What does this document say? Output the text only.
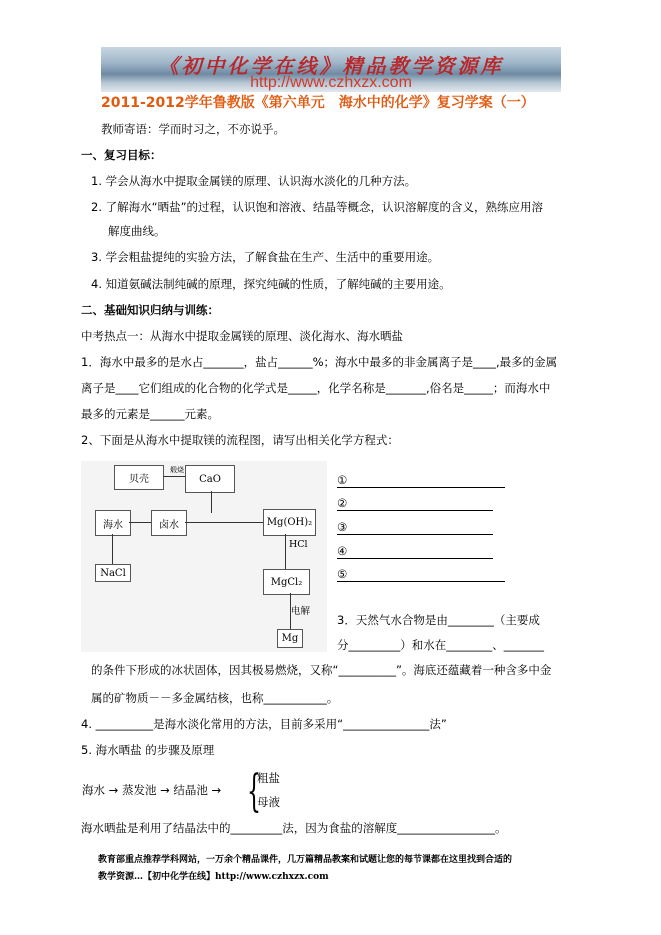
《初中化学在线》精品教学资源库
http://www.czhxzx.com
2011-2012学年鲁教版《第六单元　海水中的化学》复习学案（一）
教师寄语：学而时习之，不亦说乎。
一、复习目标：
1. 学会从海水中提取金属镁的原理、认识海水淡化的几种方法。
2. 了解海水“晒盐”的过程，认识饱和溶液、结晶等概念，认识溶解度的含义，熟练应用溶
解度曲线。
3. 学会粗盐提纯的实验方法，了解食盐在生产、生活中的重要用途。
4. 知道氨碱法制纯碱的原理，探究纯碱的性质，了解纯碱的主要用途。
二、基础知识归纳与训练：
中考热点一：从海水中提取金属镁的原理、淡化海水、海水晒盐
1．海水中最多的是水占_______，盐占______%；海水中最多的非金属离子是____,最多的金属
离子是____它们组成的化合物的化学式是_____，化学名称是_______,俗名是_____；而海水中
最多的元素是______元素。
2、下面是从海水中提取镁的流程图，请写出相关化学方程式：
贝壳
煅烧
CaO
海水	卤水	Mg(OH)₂
NaCl
HCl
MgCl₂
电解
Mg
①
②
③
④
⑤
3．天然气水合物是由________（主要成
分_________）和水在________、_______
的条件下形成的冰状固体，因其极易燃烧，又称“__________”。海底还蕴藏着一种含多中金
属的矿物质－－多金属结核，也称___________。
4. __________是海水淡化常用的方法，目前多采用“_______________法”
5. 海水晒盐 的步骤及原理
海水 → 蒸发池 → 结晶池 → {
粗盐
母液
海水晒盐是利用了结晶法中的_________法，因为食盐的溶解度_________________。
教育部重点推荐学科网站，一万余个精品课件，几万篇精品教案和试题让您的每节课都在这里找到合适的
教学资源…【初中化学在线】http://www.czhxzx.com
